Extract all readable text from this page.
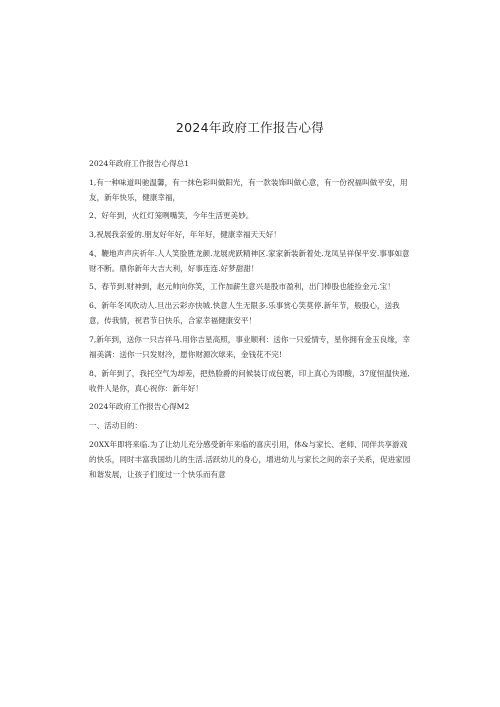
2024年政府工作报告心得

2024年政府工作报告心得总1

1,有一种味道叫驰温馨，有一抹色彩叫做阳光，有一款装饰叫做心意，有一份祝福叫做平安，用友，新年快乐，健康幸福，

2、好年到，火红灯笼咧嘴笑，今年生活更美妙。

3,祝展我亲爱的.朋友好年好，年年好，健康幸福天天好！

4、鞭地声声庆祈年.人人笑脸胜龙颜.龙展虎跃精神区.家家新装新着处.龙凤呈祥保平安.事事如意财不断。鼎你新年大吉大利，好事连连.好梦甜甜！

5、春节到.财神到，赵元帅向你笑，工作加薪生意兴是股市盈利，出门棒股也能捡金元.宝！

6、新年冬风吹动人.旦出云彩亦快城.快意人生无限多.乐事赏心笑莫停.新年节，般股心，送我意，传我情，祝君节日快乐，合家幸福健康安平！

7,新年到，送你一只吉祥马.用你吉星高照，事业顺利：送你一只爱情专，星你拥有金玉良缘，幸福美满：送你一只发财冷，愿你财源次球来，金钱花不完!

8、新年到了，我托空气为却差，把热脸爵的问候装订成包裹，印上真心为即酸，37度恒温快递,收件人是你，真心祝你：新年好！

2024年政府工作报告心得M2

一、活动目的：

20XX年即将来临.为了让幼儿充分感受新年来临的喜庆引用，体&与家长、老师、同伴共享游戏的快乐，同时丰富我国幼儿的生活.活跃幼儿的身心，增进幼儿与家长之间的亲子关系，促进家园和谐发展，让孩子们度过一个快乐而有意
